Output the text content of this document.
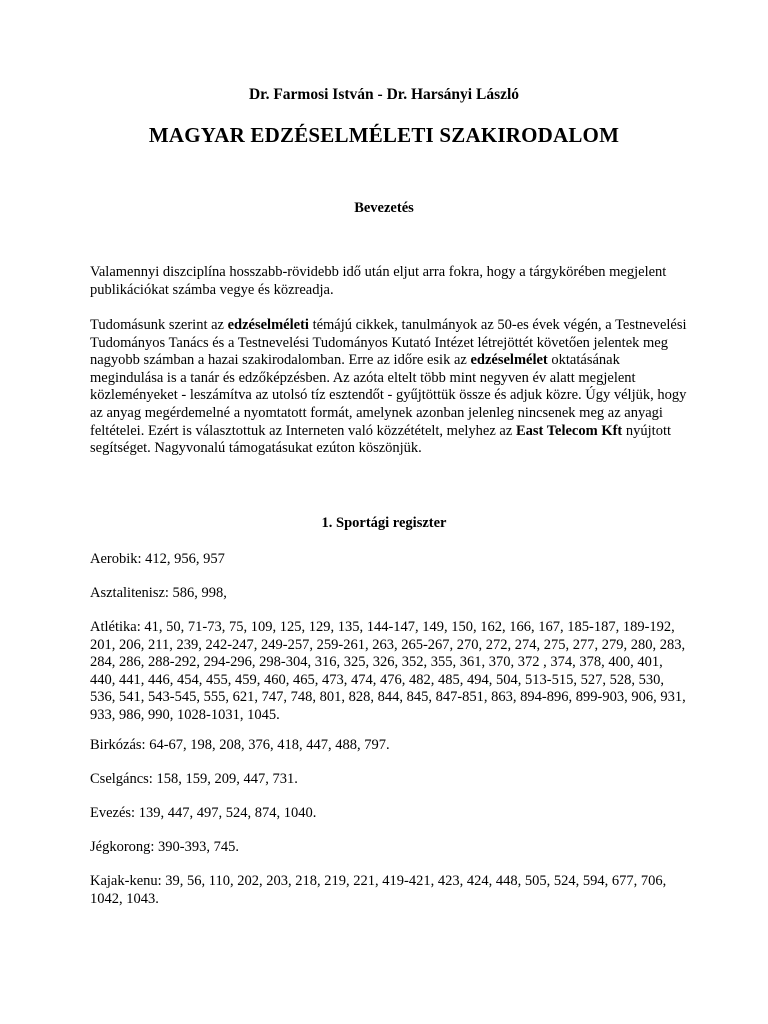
Dr. Farmosi István - Dr. Harsányi László
MAGYAR EDZÉSELMÉLETI SZAKIRODALOM
Bevezetés

Valamennyi diszciplína hosszabb-rövidebb idő után eljut arra fokra, hogy a tárgykörében megjelent publikációkat számba vegye és közreadja.

Tudomásunk szerint az edzéselméleti témájú cikkek, tanulmányok az 50-es évek végén, a Testnevelési Tudományos Tanács és a Testnevelési Tudományos Kutató Intézet létrejöttét követően jelentek meg nagyobb számban a hazai szakirodalomban. Erre az időre esik az edzéselmélet oktatásának megindulása is a tanár és edzőképzésben. Az azóta eltelt több mint negyven év alatt megjelent közleményeket - leszámítva az utolsó tíz esztendőt - gyűjtöttük össze és adjuk közre. Úgy véljük, hogy az anyag megérdemelné a nyomtatott formát, amelynek azonban jelenleg nincsenek meg az anyagi feltételei. Ezért is választottuk az Interneten való közzétételt, melyhez az East Telecom Kft nyújtott segítséget. Nagyvonalú támogatásukat ezúton köszönjük.

1. Sportági regiszter
Aerobik: 412, 956, 957
Asztalitenisz: 586, 998,
Atlétika: 41, 50, 71-73, 75, 109, 125, 129, 135, 144-147, 149, 150, 162, 166, 167, 185-187, 189-192, 201, 206, 211, 239, 242-247, 249-257, 259-261, 263, 265-267, 270, 272, 274, 275, 277, 279, 280, 283, 284, 286, 288-292, 294-296, 298-304, 316, 325, 326, 352, 355, 361, 370, 372 , 374, 378, 400, 401, 440, 441, 446, 454, 455, 459, 460, 465, 473, 474, 476, 482, 485, 494, 504, 513-515, 527, 528, 530, 536, 541, 543-545, 555, 621, 747, 748, 801, 828, 844, 845, 847-851, 863, 894-896, 899-903, 906, 931, 933, 986, 990, 1028-1031, 1045.
Birkózás: 64-67, 198, 208, 376, 418, 447, 488, 797.
Cselgáncs: 158, 159, 209, 447, 731.
Evezés: 139, 447, 497, 524, 874, 1040.
Jégkorong: 390-393, 745.
Kajak-kenu: 39, 56, 110, 202, 203, 218, 219, 221, 419-421, 423, 424, 448, 505, 524, 594, 677, 706, 1042, 1043.
